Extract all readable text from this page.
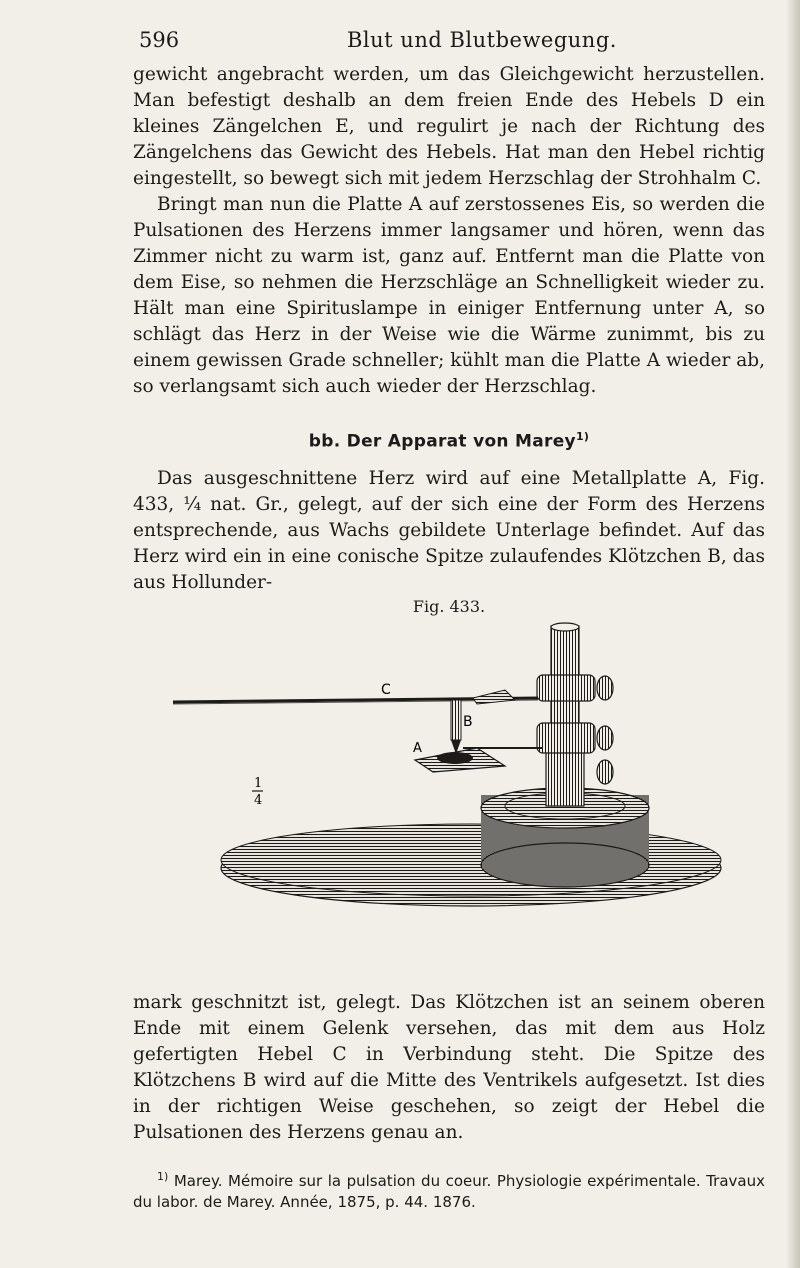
596	Blut und Blutbewegung.

gewicht angebracht werden, um das Gleichgewicht herzustellen. Man befestigt deshalb an dem freien Ende des Hebels D ein kleines Zängelchen E, und regulirt je nach der Richtung des Zängelchens das Gewicht des Hebels. Hat man den Hebel richtig eingestellt, so bewegt sich mit jedem Herzschlag der Strohhalm C.

Bringt man nun die Platte A auf zerstossenes Eis, so werden die Pulsationen des Herzens immer langsamer und hören, wenn das Zimmer nicht zu warm ist, ganz auf. Entfernt man die Platte von dem Eise, so nehmen die Herzschläge an Schnelligkeit wieder zu. Hält man eine Spirituslampe in einiger Entfernung unter A, so schlägt das Herz in der Weise wie die Wärme zunimmt, bis zu einem gewissen Grade schneller; kühlt man die Platte A wieder ab, so verlangsamt sich auch wieder der Herzschlag.

bb. Der Apparat von Marey$^{1)}$

Das ausgeschnittene Herz wird auf eine Metallplatte A, Fig. 433, ¼ nat. Gr., gelegt, auf der sich eine der Form des Herzens entsprechende, aus Wachs gebildete Unterlage befindet. Auf das Herz wird ein in eine conische Spitze zulaufendes Klötzchen B, das aus Hollunder-

Fig. 433.
C
B
A
1
4

mark geschnitzt ist, gelegt. Das Klötzchen ist an seinem oberen Ende mit einem Gelenk versehen, das mit dem aus Holz gefertigten Hebel C in Verbindung steht. Die Spitze des Klötzchens B wird auf die Mitte des Ventrikels aufgesetzt. Ist dies in der richtigen Weise geschehen, so zeigt der Hebel die Pulsationen des Herzens genau an.

$^{1)}$ Marey. Mémoire sur la pulsation du coeur. Physiologie expérimentale. Travaux du labor. de Marey. Année, 1875, p. 44. 1876.
